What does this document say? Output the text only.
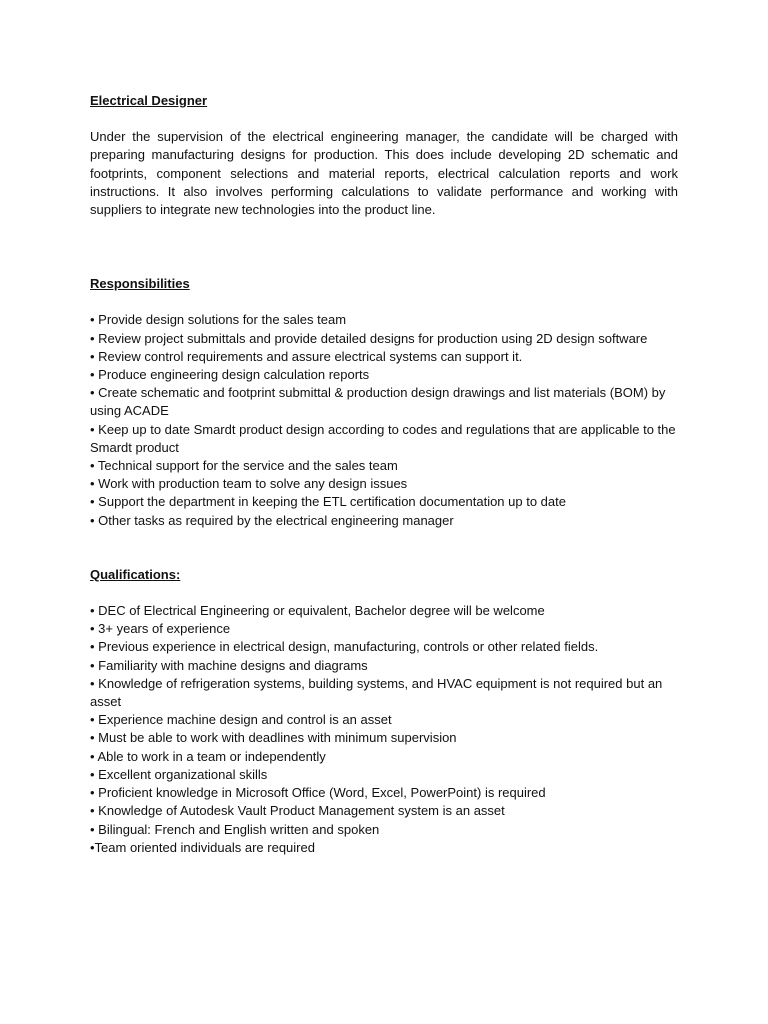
Electrical Designer

Under the supervision of the electrical engineering manager, the candidate will be charged with preparing manufacturing designs for production. This does include developing 2D schematic and footprints, component selections and material reports, electrical calculation reports and work instructions. It also involves performing calculations to validate performance and working with suppliers to integrate new technologies into the product line.

Responsibilities

• Provide design solutions for the sales team
• Review project submittals and provide detailed designs for production using 2D design software
• Review control requirements and assure electrical systems can support it.
• Produce engineering design calculation reports
• Create schematic and footprint submittal & production design drawings and list materials (BOM) by using ACADE
• Keep up to date Smardt product design according to codes and regulations that are applicable to the Smardt product
• Technical support for the service and the sales team
• Work with production team to solve any design issues
• Support the department in keeping the ETL certification documentation up to date
• Other tasks as required by the electrical engineering manager

Qualifications:

• DEC of Electrical Engineering or equivalent, Bachelor degree will be welcome
• 3+ years of experience
• Previous experience in electrical design, manufacturing, controls or other related fields.
• Familiarity with machine designs and diagrams
• Knowledge of refrigeration systems, building systems, and HVAC equipment is not required but an asset
• Experience machine design and control is an asset
• Must be able to work with deadlines with minimum supervision
• Able to work in a team or independently
• Excellent organizational skills
• Proficient knowledge in Microsoft Office (Word, Excel, PowerPoint) is required
• Knowledge of Autodesk Vault Product Management system is an asset
• Bilingual: French and English written and spoken
•Team oriented individuals are required
